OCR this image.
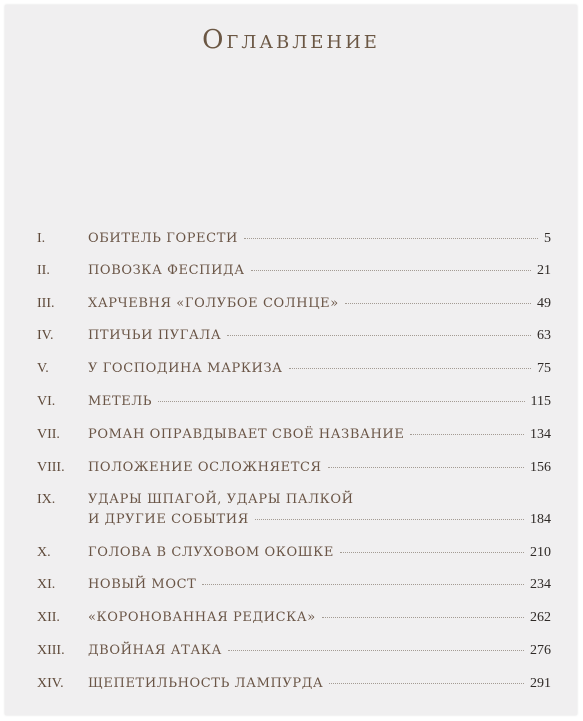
Оглавление
I.	ОБИТЕЛЬ ГОРЕСТИ	5
II.	ПОВОЗКА ФЕСПИДА	21
III.	ХАРЧЕВНЯ «ГОЛУБОЕ СОЛНЦЕ»	49
IV.	ПТИЧЬИ ПУГАЛА	63
V.	У ГОСПОДИНА МАРКИЗА	75
VI.	МЕТЕЛЬ	115
VII. РОМАН ОПРАВДЫВАЕТ СВОЁ НАЗВАНИЕ	134
VIII. ПОЛОЖЕНИЕ ОСЛОЖНЯЕТСЯ	156
IX.	УДАРЫ ШПАГОЙ, УДАРЫ ПАЛКОЙ
И ДРУГИЕ СОБЫТИЯ	184
X.	ГОЛОВА В СЛУХОВОМ ОКОШКЕ	210
XI.	НОВЫЙ МОСТ	234
XII. «КОРОНОВАННАЯ РЕДИСКА»	262
XIII. ДВОЙНАЯ АТАКА	276
XIV. ЩЕПЕТИЛЬНОСТЬ ЛАМПУРДА	291
